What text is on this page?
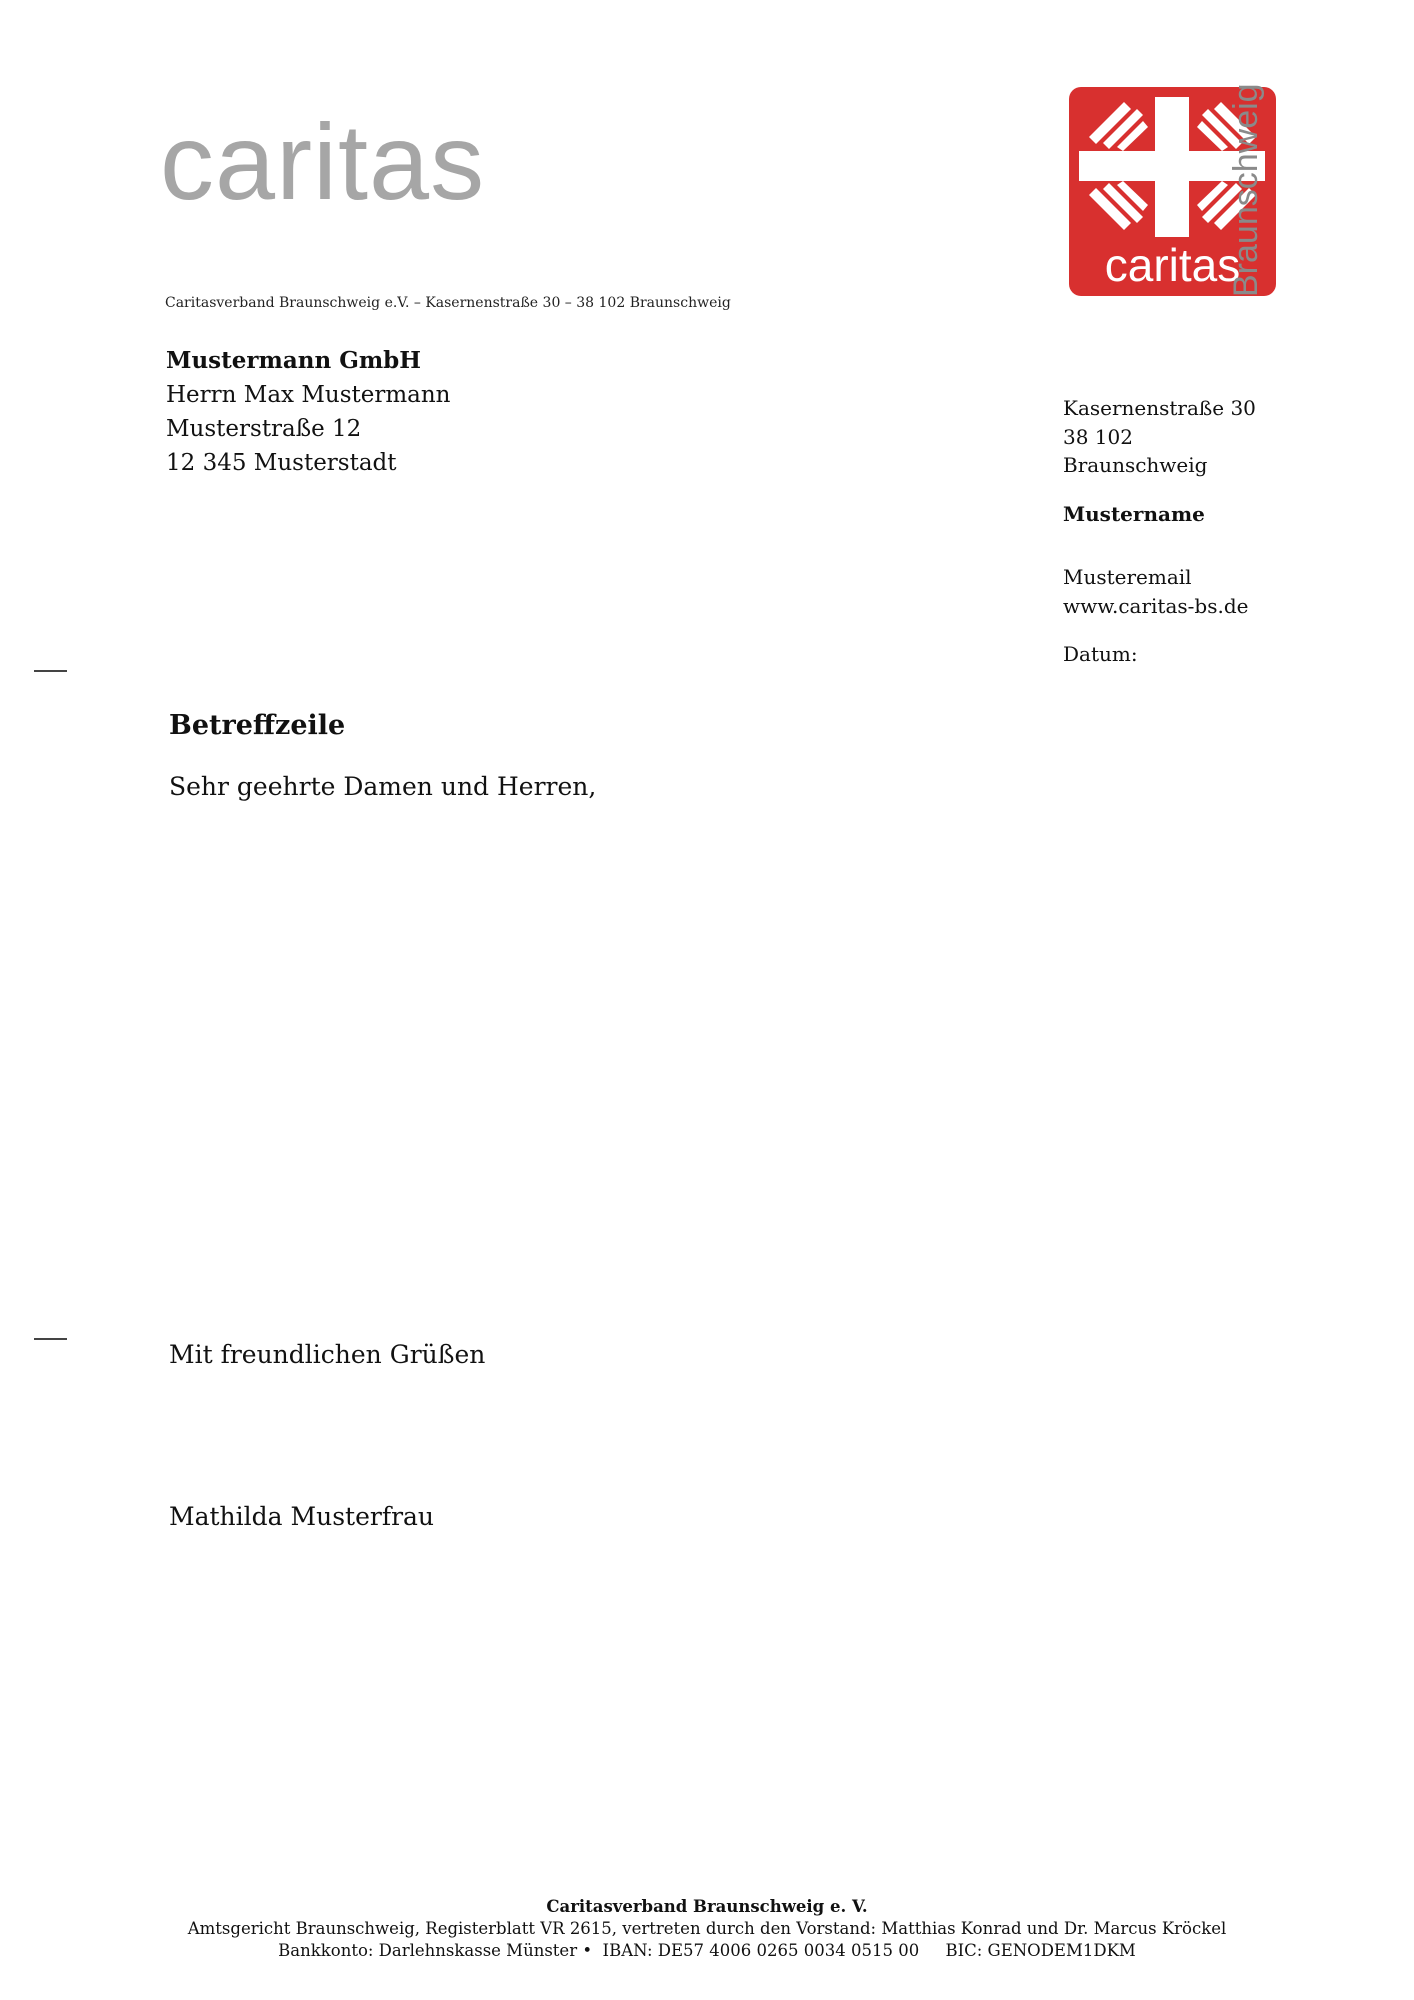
caritas
caritas
Braunschweig
Caritasverband Braunschweig e.V. – Kasernenstraße 30 – 38 102 Braunschweig
Mustermann GmbH
Herrn Max Mustermann
Musterstraße 12
12 345 Musterstadt
Kasernenstraße 30
38 102
Braunschweig
Mustername
Musteremail
www.caritas-bs.de
Datum:
Betreffzeile
Sehr geehrte Damen und Herren,
Mit freundlichen Grüßen
Mathilda Musterfrau
Caritasverband Braunschweig e. V.
Amtsgericht Braunschweig, Registerblatt VR 2615, vertreten durch den Vorstand: Matthias Konrad und Dr. Marcus Kröckel
Bankkonto: Darlehnskasse Münster •  IBAN: DE57 4006 0265 0034 0515 00     BIC: GENODEM1DKM
